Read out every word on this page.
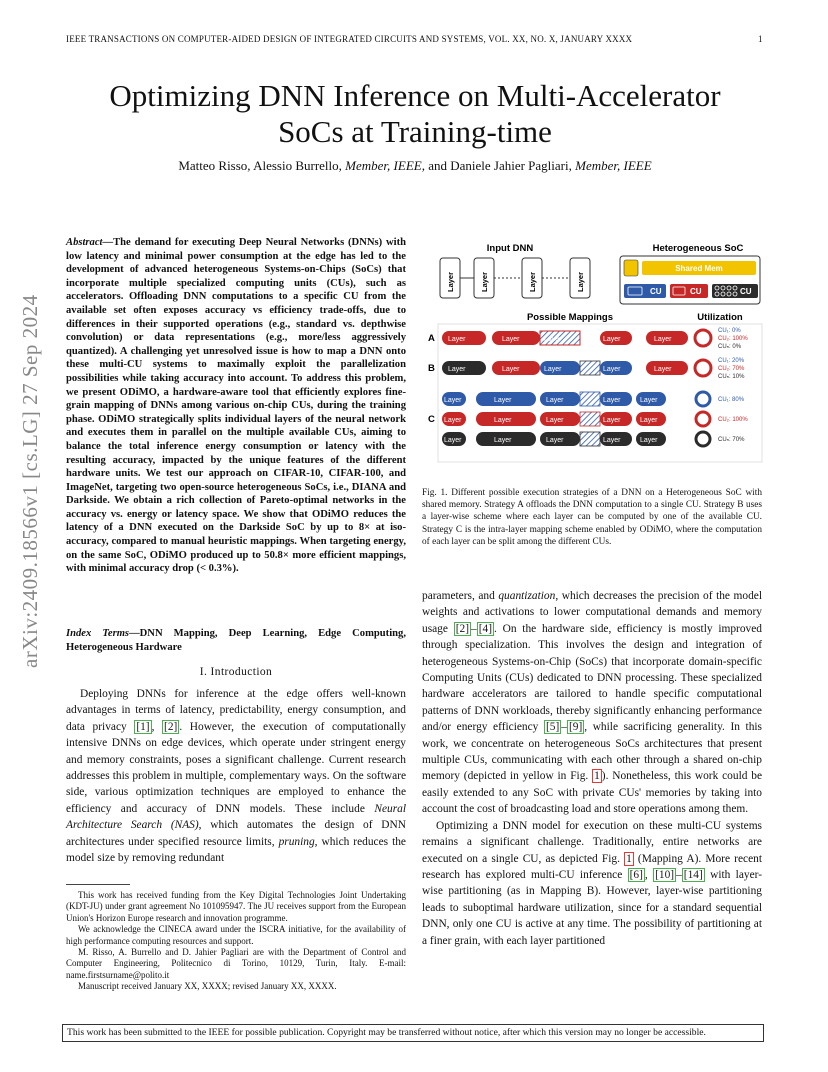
IEEE TRANSACTIONS ON COMPUTER-AIDED DESIGN OF INTEGRATED CIRCUITS AND SYSTEMS, VOL. XX, NO. X, JANUARY XXXX	1
Optimizing DNN Inference on Multi-Accelerator
SoCs at Training-time
Matteo Risso, Alessio Burrello, Member, IEEE, and Daniele Jahier Pagliari, Member, IEEE
arXiv:2409.18566v1 [cs.LG] 27 Sep 2024
Abstract—The demand for executing Deep Neural Networks (DNNs) with low latency and minimal power consumption at the edge has led to the development of advanced heterogeneous Systems-on-Chips (SoCs) that incorporate multiple specialized computing units (CUs), such as accelerators. Offloading DNN computations to a specific CU from the available set often exposes accuracy vs efficiency trade-offs, due to differences in their supported operations (e.g., standard vs. depthwise convolution) or data representations (e.g., more/less aggressively quantized). A challenging yet unresolved issue is how to map a DNN onto these multi-CU systems to maximally exploit the parallelization possibilities while taking accuracy into account. To address this problem, we present ODiMO, a hardware-aware tool that efficiently explores fine-grain mapping of DNNs among various on-chip CUs, during the training phase. ODiMO strategically splits individual layers of the neural network and executes them in parallel on the multiple available CUs, aiming to balance the total inference energy consumption or latency with the resulting accuracy, impacted by the unique features of the different hardware units. We test our approach on CIFAR-10, CIFAR-100, and ImageNet, targeting two open-source heterogeneous SoCs, i.e., DIANA and Darkside. We obtain a rich collection of Pareto-optimal networks in the accuracy vs. energy or latency space. We show that ODiMO reduces the latency of a DNN executed on the Darkside SoC by up to 8× at iso-accuracy, compared to manual heuristic mappings. When targeting energy, on the same SoC, ODiMO produced up to 50.8× more efficient mappings, with minimal accuracy drop (< 0.3%).
Index Terms—DNN Mapping, Deep Learning, Edge Computing, Heterogeneous Hardware
I. Introduction

Deploying DNNs for inference at the edge offers well-known advantages in terms of latency, predictability, energy consumption, and data privacy [1] , [2] . However, the execution of computationally intensive DNNs on edge devices, which operate under stringent energy and memory constraints, poses a significant challenge. Current research addresses this problem in multiple, complementary ways. On the software side, various optimization techniques are employed to enhance the efficiency and accuracy of DNN models. These include Neural Architecture Search (NAS), which automates the design of DNN architectures under specified resource limits, pruning, which reduces the model size by removing redundant

This work has received funding from the Key Digital Technologies Joint Undertaking (KDT-JU) under grant agreement No 101095947. The JU receives support from the European Union's Horizon Europe research and innovation programme.

We acknowledge the CINECA award under the ISCRA initiative, for the availability of high performance computing resources and support.

M. Risso, A. Burrello and D. Jahier Pagliari are with the Department of Control and Computer Engineering, Politecnico di Torino, 10129, Turin, Italy. E-mail: name.firstsurname@polito.it

Manuscript received January XX, XXXX; revised January XX, XXXX.

Input DNN
Layer	Layer	Layer	Layer
Heterogeneous SoC
Shared Mem
CU	CU	CU
Possible Mappings	Utilization
A Layer	Layer	Layer	Layer	Layer
CU₁: 0%
CU₂: 100%
CUₙ: 0%
B Layer	Layer	Layer	Layer	Layer
CU₁: 20%
CU₂: 70%
CUₙ: 10%
C
Layer	Layer	Layer	Layer	Layer
Layer	Layer	Layer	Layer	Layer
Layer	Layer	Layer	Layer	Layer
CU₁: 80%
CU₂: 100%
CUₙ: 70%
Fig. 1. Different possible execution strategies of a DNN on a Heterogeneous SoC with shared memory. Strategy A offloads the DNN computation to a single CU. Strategy B uses a layer-wise scheme where each layer can be computed by one of the available CU. Strategy C is the intra-layer mapping scheme enabled by ODiMO, where the computation of each layer can be split among the different CUs.

parameters, and quantization, which decreases the precision of the model weights and activations to lower computational demands and memory usage [2] – [4] . On the hardware side, efficiency is mostly improved through specialization. This involves the design and integration of heterogeneous Systems-on-Chip (SoCs) that incorporate domain-specific Computing Units (CUs) dedicated to DNN processing. These specialized hardware accelerators are tailored to handle specific computational patterns of DNN workloads, thereby significantly enhancing performance and/or energy efficiency [5] – [9] , while sacrificing generality. In this work, we concentrate on heterogeneous SoCs architectures that present multiple CUs, communicating with each other through a shared on-chip memory (depicted in yellow in Fig. 1 ). Nonetheless, this work could be easily extended to any SoC with private CUs' memories by taking into account the cost of broadcasting load and store operations among them.

Optimizing a DNN model for execution on these multi-CU systems remains a significant challenge. Traditionally, entire networks are executed on a single CU, as depicted Fig. 1 (Mapping A). More recent research has explored multi-CU inference [6] , [10] – [14] with layer-wise partitioning (as in Mapping B). However, layer-wise partitioning leads to suboptimal hardware utilization, since for a standard sequential DNN, only one CU is active at any time. The possibility of partitioning at a finer grain, with each layer partitioned

This work has been submitted to the IEEE for possible publication. Copyright may be transferred without notice, after which this version may no longer be accessible.
